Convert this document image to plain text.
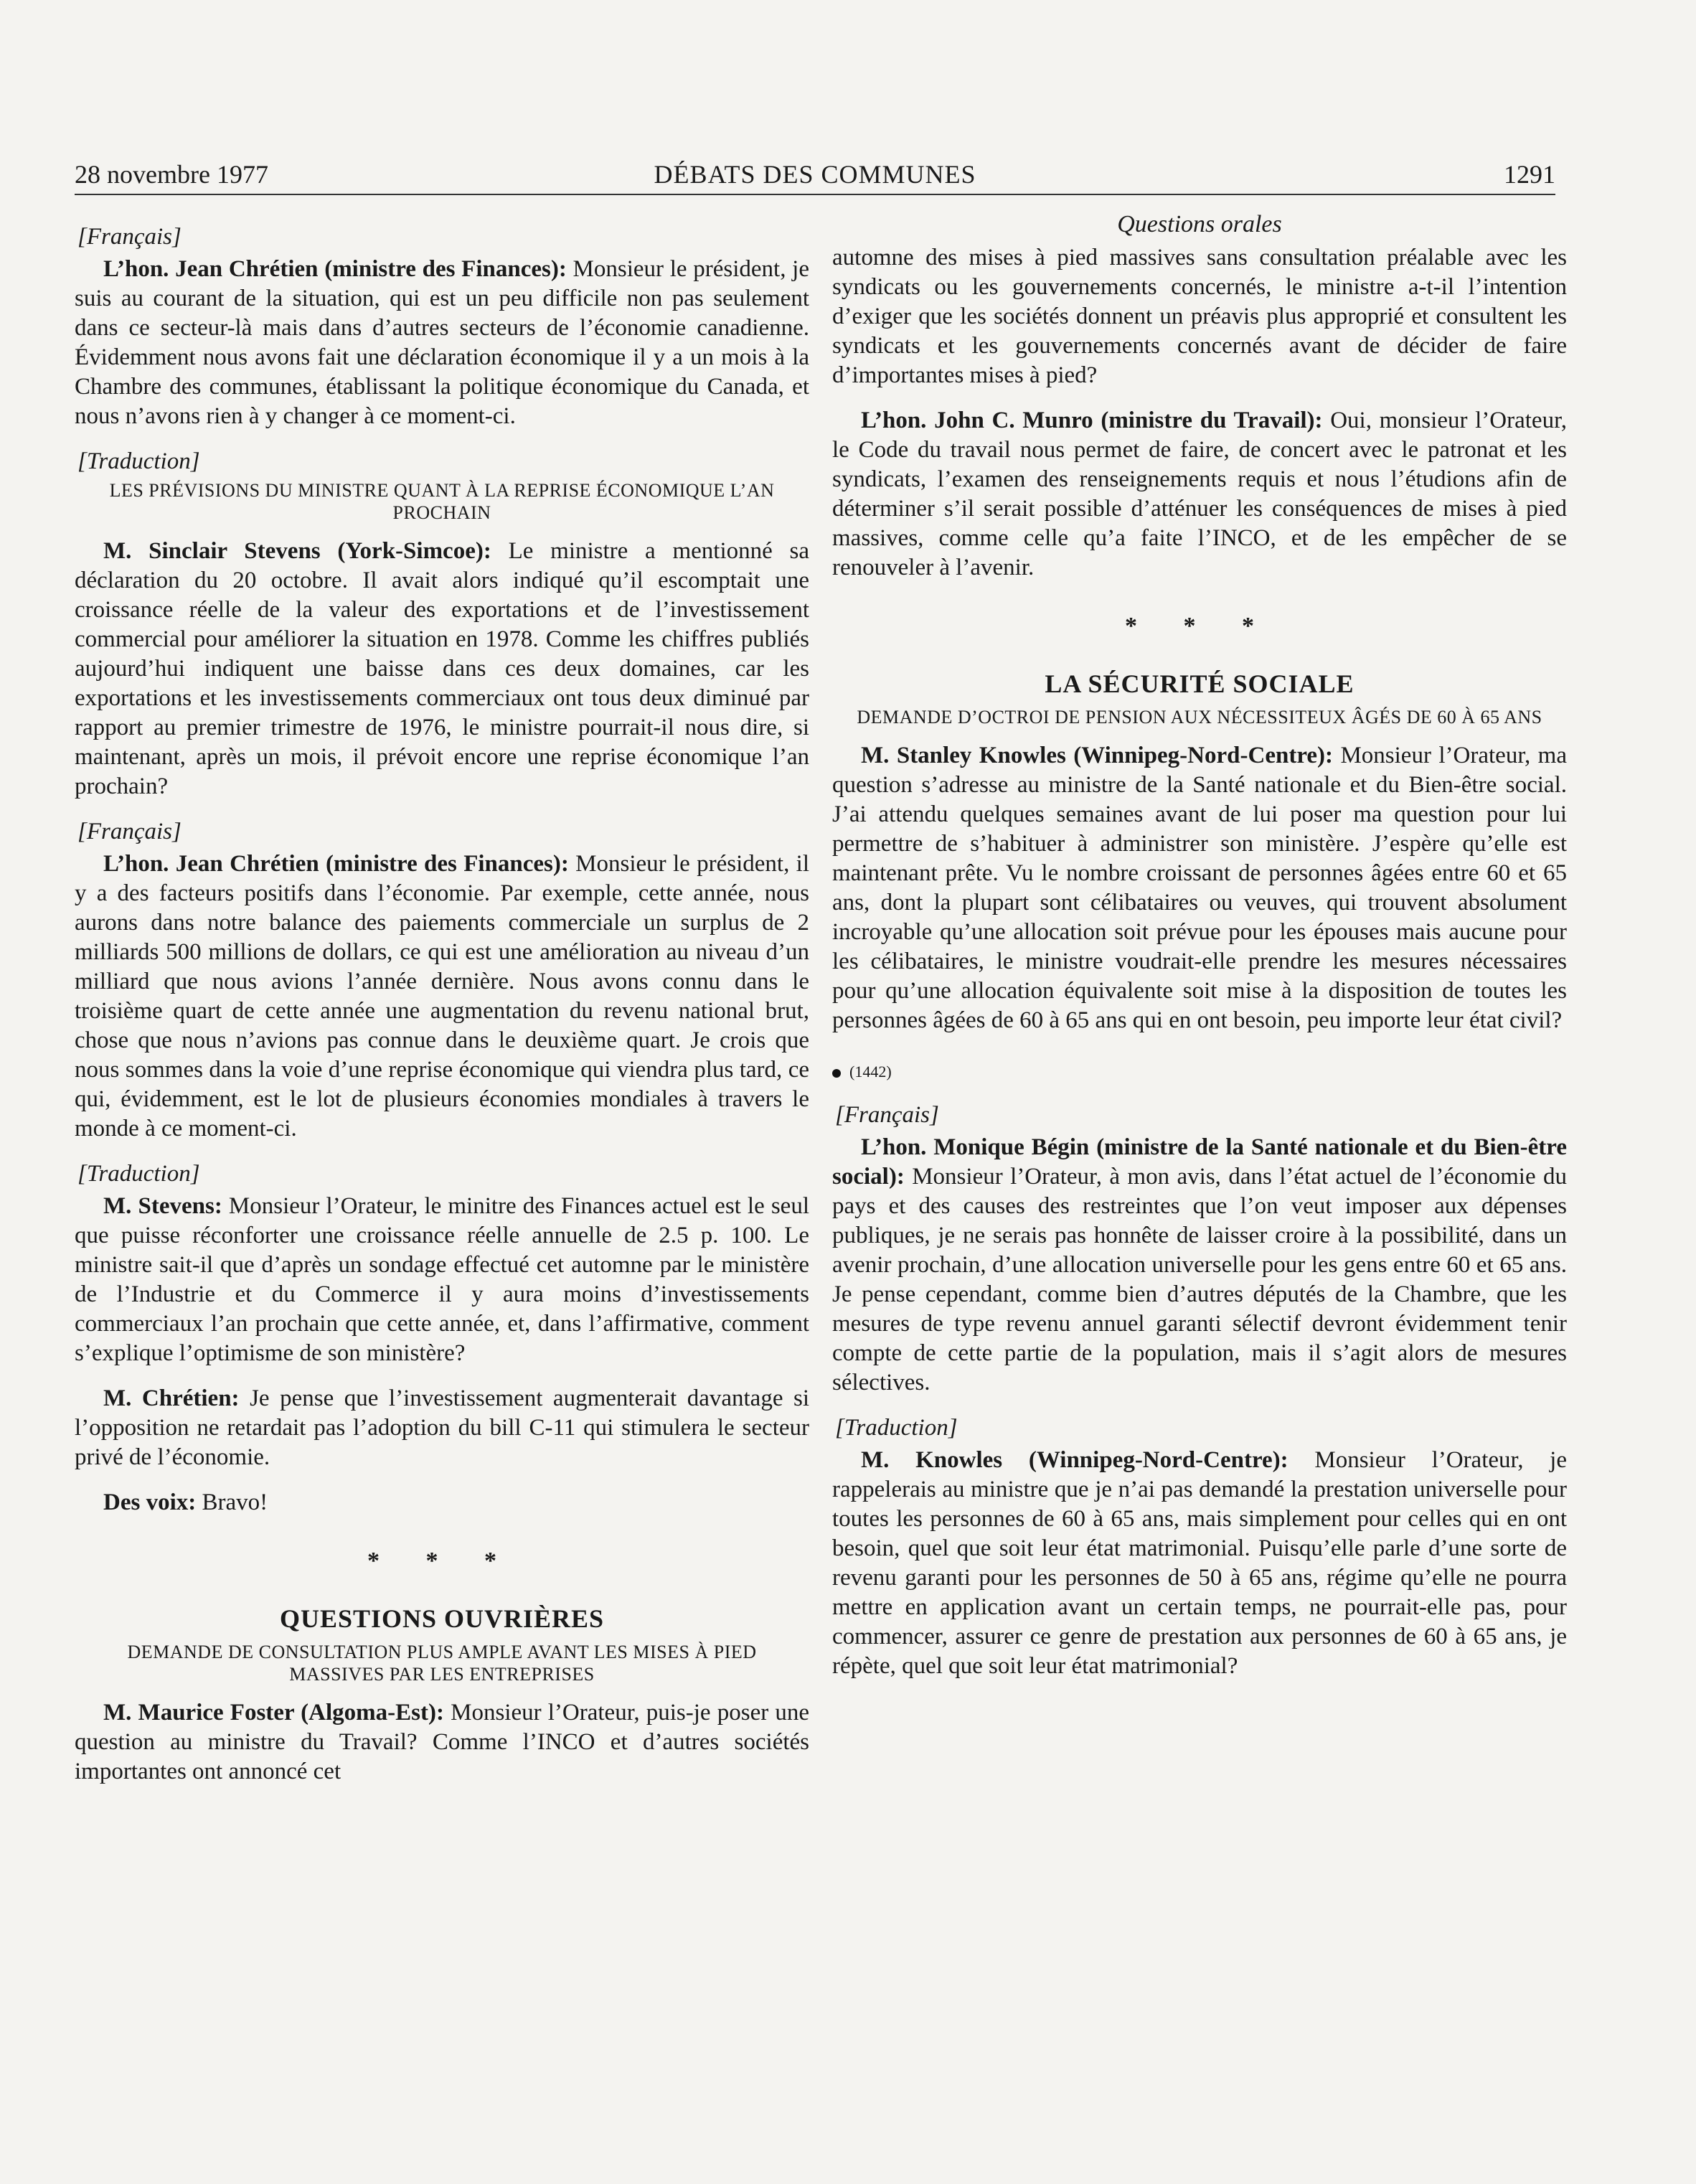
28 novembre 1977	DÉBATS DES COMMUNES	1291
[Français]

L’hon. Jean Chrétien (ministre des Finances): Monsieur le président, je suis au courant de la situation, qui est un peu difficile non pas seulement dans ce secteur-là mais dans d’autres secteurs de l’économie canadienne. Évidemment nous avons fait une déclaration économique il y a un mois à la Chambre des communes, établissant la politique économique du Canada, et nous n’avons rien à y changer à ce moment-ci.

[Traduction]
LES PRÉVISIONS DU MINISTRE QUANT À LA REPRISE ÉCONOMIQUE L’AN PROCHAIN

M. Sinclair Stevens (York-Simcoe): Le ministre a mentionné sa déclaration du 20 octobre. Il avait alors indiqué qu’il escomptait une croissance réelle de la valeur des exportations et de l’investissement commercial pour améliorer la situation en 1978. Comme les chiffres publiés aujourd’hui indiquent une baisse dans ces deux domaines, car les exportations et les investissements commerciaux ont tous deux diminué par rapport au premier trimestre de 1976, le ministre pourrait-il nous dire, si maintenant, après un mois, il prévoit encore une reprise économique l’an prochain?

[Français]

L’hon. Jean Chrétien (ministre des Finances): Monsieur le président, il y a des facteurs positifs dans l’économie. Par exemple, cette année, nous aurons dans notre balance des paiements commerciale un surplus de 2 milliards 500 millions de dollars, ce qui est une amélioration au niveau d’un milliard que nous avions l’année dernière. Nous avons connu dans le troisième quart de cette année une augmentation du revenu national brut, chose que nous n’avions pas connue dans le deuxième quart. Je crois que nous sommes dans la voie d’une reprise économique qui viendra plus tard, ce qui, évidemment, est le lot de plusieurs économies mondiales à travers le monde à ce moment-ci.

[Traduction]

M. Stevens: Monsieur l’Orateur, le minitre des Finances actuel est le seul que puisse réconforter une croissance réelle annuelle de 2.5 p. 100. Le ministre sait-il que d’après un sondage effectué cet automne par le ministère de l’Industrie et du Commerce il y aura moins d’investissements commerciaux l’an prochain que cette année, et, dans l’affirmative, comment s’explique l’optimisme de son ministère?

M. Chrétien: Je pense que l’investissement augmenterait davantage si l’opposition ne retardait pas l’adoption du bill C-11 qui stimulera le secteur privé de l’économie.

Des voix: Bravo!

* * *
QUESTIONS OUVRIÈRES
DEMANDE DE CONSULTATION PLUS AMPLE AVANT LES MISES À PIED MASSIVES PAR LES ENTREPRISES

M. Maurice Foster (Algoma-Est): Monsieur l’Orateur, puis-je poser une question au ministre du Travail? Comme l’INCO et d’autres sociétés importantes ont annoncé cet

Questions orales

automne des mises à pied massives sans consultation préalable avec les syndicats ou les gouvernements concernés, le ministre a-t-il l’intention d’exiger que les sociétés donnent un préavis plus approprié et consultent les syndicats et les gouvernements concernés avant de décider de faire d’importantes mises à pied?

L’hon. John C. Munro (ministre du Travail): Oui, monsieur l’Orateur, le Code du travail nous permet de faire, de concert avec le patronat et les syndicats, l’examen des renseignements requis et nous l’étudions afin de déterminer s’il serait possible d’atténuer les conséquences de mises à pied massives, comme celle qu’a faite l’INCO, et de les empêcher de se renouveler à l’avenir.

* * *
LA SÉCURITÉ SOCIALE
DEMANDE D’OCTROI DE PENSION AUX NÉCESSITEUX ÂGÉS DE 60 À 65 ANS

M. Stanley Knowles (Winnipeg-Nord-Centre): Monsieur l’Orateur, ma question s’adresse au ministre de la Santé nationale et du Bien-être social. J’ai attendu quelques semaines avant de lui poser ma question pour lui permettre de s’habituer à administrer son ministère. J’espère qu’elle est maintenant prête. Vu le nombre croissant de personnes âgées entre 60 et 65 ans, dont la plupart sont célibataires ou veuves, qui trouvent absolument incroyable qu’une allocation soit prévue pour les épouses mais aucune pour les célibataires, le ministre voudrait-elle prendre les mesures nécessaires pour qu’une allocation équivalente soit mise à la disposition de toutes les personnes âgées de 60 à 65 ans qui en ont besoin, peu importe leur état civil?

(1442)
[Français]

L’hon. Monique Bégin (ministre de la Santé nationale et du Bien-être social): Monsieur l’Orateur, à mon avis, dans l’état actuel de l’économie du pays et des causes des restreintes que l’on veut imposer aux dépenses publiques, je ne serais pas honnête de laisser croire à la possibilité, dans un avenir prochain, d’une allocation universelle pour les gens entre 60 et 65 ans. Je pense cependant, comme bien d’autres députés de la Chambre, que les mesures de type revenu annuel garanti sélectif devront évidemment tenir compte de cette partie de la population, mais il s’agit alors de mesures sélectives.

[Traduction]

M. Knowles (Winnipeg-Nord-Centre): Monsieur l’Orateur, je rappelerais au ministre que je n’ai pas demandé la prestation universelle pour toutes les personnes de 60 à 65 ans, mais simplement pour celles qui en ont besoin, quel que soit leur état matrimonial. Puisqu’elle parle d’une sorte de revenu garanti pour les personnes de 50 à 65 ans, régime qu’elle ne pourra mettre en application avant un certain temps, ne pourrait-elle pas, pour commencer, assurer ce genre de prestation aux personnes de 60 à 65 ans, je répète, quel que soit leur état matrimonial?
